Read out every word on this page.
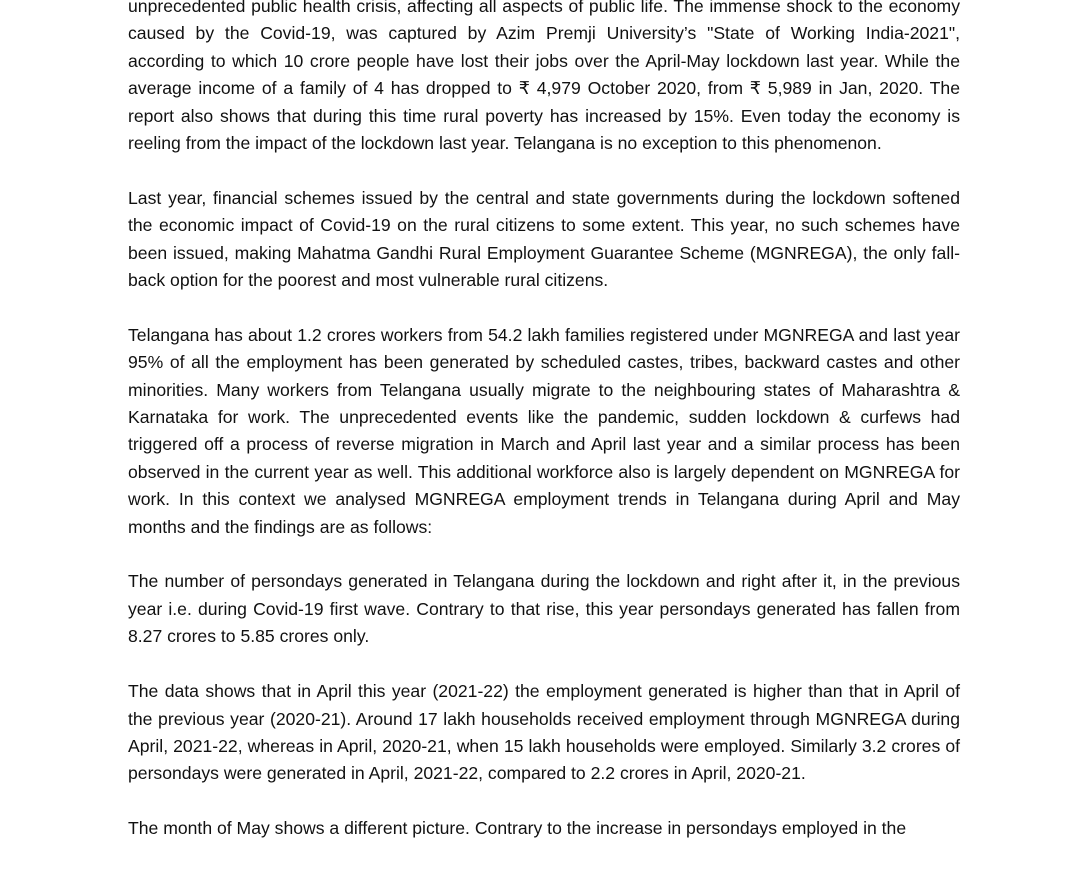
unprecedented public health crisis, affecting all aspects of public life. The immense shock to the economy caused by the Covid-19, was captured by Azim Premji University’s "State of Working India-2021", according to which 10 crore people have lost their jobs over the April-May lockdown last year. While the average income of a family of 4 has dropped to ₹ 4,979 October 2020, from ₹ 5,989 in Jan, 2020. The report also shows that during this time rural poverty has increased by 15%. Even today the economy is reeling from the impact of the lockdown last year. Telangana is no exception to this phenomenon.

Last year, financial schemes issued by the central and state governments during the lockdown softened the economic impact of Covid-19 on the rural citizens to some extent. This year, no such schemes have been issued, making Mahatma Gandhi Rural Employment Guarantee Scheme (MGNREGA), the only fall-back option for the poorest and most vulnerable rural citizens.

Telangana has about 1.2 crores workers from 54.2 lakh families registered under MGNREGA and last year 95% of all the employment has been generated by scheduled castes, tribes, backward castes and other minorities. Many workers from Telangana usually migrate to the neighbouring states of Maharashtra & Karnataka for work. The unprecedented events like the pandemic, sudden lockdown & curfews had triggered off a process of reverse migration in March and April last year and a similar process has been observed in the current year as well. This additional workforce also is largely dependent on MGNREGA for work. In this context we analysed MGNREGA employment trends in Telangana during April and May months and the findings are as follows:

The number of persondays generated in Telangana during the lockdown and right after it, in the previous year i.e. during Covid-19 first wave. Contrary to that rise, this year persondays generated has fallen from 8.27 crores to 5.85 crores only.

The data shows that in April this year (2021-22) the employment generated is higher than that in April of the previous year (2020-21). Around 17 lakh households received employment through MGNREGA during April, 2021-22, whereas in April, 2020-21, when 15 lakh households were employed. Similarly 3.2 crores of persondays were generated in April, 2021-22, compared to 2.2 crores in April, 2020-21.

The month of May shows a different picture. Contrary to the increase in persondays employed in the
